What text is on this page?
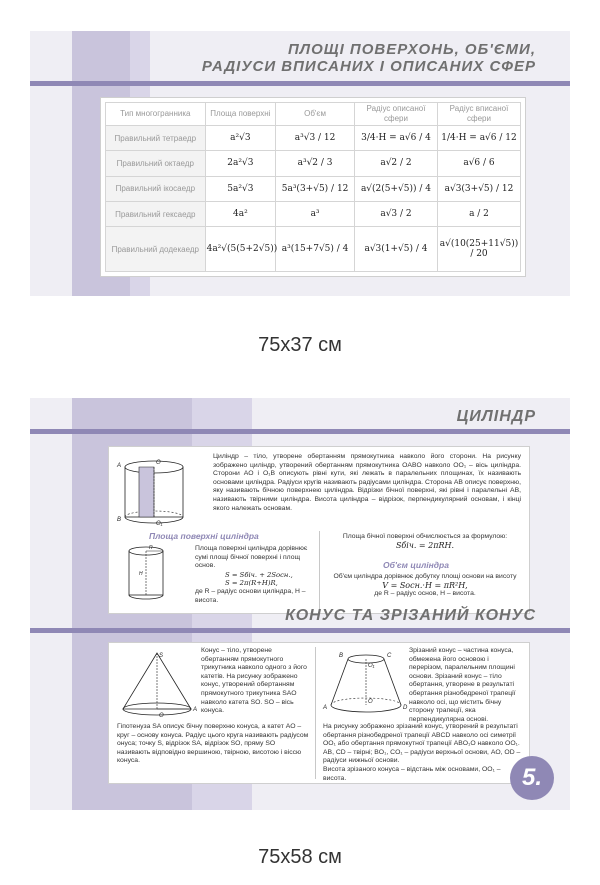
ПЛОЩІ ПОВЕРХОНЬ, ОБ'ЄМИ,
РАДІУСИ ВПИСАНИХ І ОПИСАНИХ СФЕР
Тип многогранника	Площа поверхні	Об'єм	Радіус описаної сфери	Радіус вписаної сфери
Правильний тетраедр	a²√3	a³√3 / 12	3/4·H = a√6 / 4	1/4·H = a√6 / 12
Правильний октаедр	2a²√3	a³√2 / 3	a√2 / 2	a√6 / 6
Правильний ікосаедр	5a²√3	5a³(3+√5) / 12	a√(2(5+√5)) / 4	a√3(3+√5) / 12
Правильний гексаедр	4a²	a³	a√3 / 2	a / 2
Правильний додекаедр	4a²√(5(5+2√5))	a³(15+7√5) / 4	a√3(1+√5) / 4	a√(10(25+11√5)) / 20
75x37 см
ЦИЛІНДР
A
B
O
O₁
Циліндр – тіло, утворене обертанням прямокутника навколо його сторони. На рисунку зображено циліндр, утворений обертанням прямокутника OABO навколо OO₁ – вісь циліндра. Сторони AO і O₁B описують рівні кути, які лежать в паралельних площинах, їх називають основами циліндра. Радіуси кругів називають радіусами циліндра. Сторона AB описує поверхню, яку називають бічною поверхнею циліндра. Відрізки бічної поверхні, які рівні і паралельні AB, називають твірними циліндра. Висота циліндра – відрізок, перпендикулярний основам, і кінці якого належать основам.
Площа поверхні циліндра
R
H
Площа поверхні циліндра дорівнює сумі площі бічної поверхні і площ основ.
S = Sбіч. + 2Sосн.,
S = 2π(R+H)R,
де R – радіус основи циліндра, H – висота.
Площа бічної поверхні обчислюється за формулою:
Sбіч. = 2πRH.
Об'єм циліндра
Об'єм циліндра дорівнює добутку площі основи на висоту
V = Sосн.·H = πR²H,
де R – радіус основ, H – висота.
КОНУС ТА ЗРІЗАНИЙ КОНУС
S
O
A
Конус – тіло, утворене обертанням прямокутного трикутника навколо одного з його катетів. На рисунку зображено конус, утворений обертанням прямокутного трикутника SAO навколо катета SO. SO – вісь конуса.
Гіпотенуза SA описує бічну поверхню конуса, а катет AO – круг – основу конуса. Радіус цього круга називають радіусом онуса; точку S, відрізок SA, відрізок SO, пряму SO називають відповідно вершиною, твірною, висотою і віссю конуса.
B	C
O₁
A	D
O
Зрізаний конус – частина конуса, обмежена його основою і перерізом, паралельним площині основи. Зрізаний конус – тіло обертання, утворене в результаті обертання різнобедреної трапеції навколо осі, що містить бічну сторону трапеції, яка перпендикулярна основі.
На рисунку зображено зрізаний конус, утворений в результаті обертання різнобедреної трапеції ABCD навколо осі симетрії OO₁ або обертання прямокутної трапеції ABO₁O навколо OO₁.
AB, CD – твірні; BO₁, CO₁ – радіуси верхньої основи, AO, OD – радіуси нижньої основи.
Висота зрізаного конуса – відстань між основами, OO₁ – висота.	5.
75x58 см
